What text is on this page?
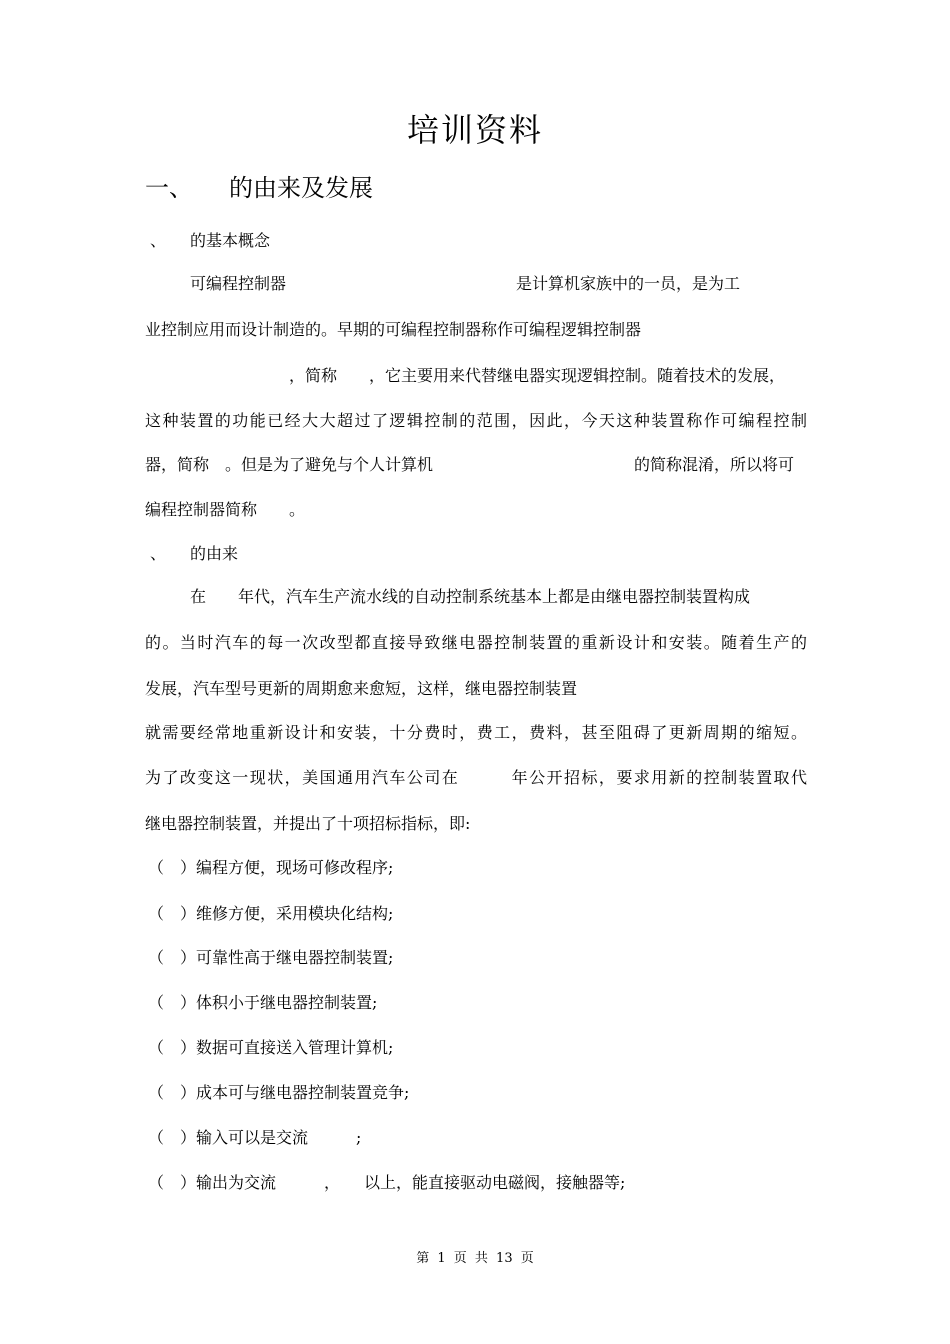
培训资料
一、　　的由来及发展
、　　的基本概念
可编程控制器	是计算机家族中的一员，是为工
业控制应用而设计制造的。早期的可编程控制器称作可编程逻辑控制器
，简称　　，它主要用来代替继电器实现逻辑控制。随着技术的发展，
这种装置的功能已经大大超过了逻辑控制的范围，因此，今天这种装置称作可编程控制
器，简称　。但是为了避免与个人计算机	的简称混淆，所以将可
编程控制器简称　　。
、　　的由来
在　　年代，汽车生产流水线的自动控制系统基本上都是由继电器控制装置构成
的。当时汽车的每一次改型都直接导致继电器控制装置的重新设计和安装。随着生产的
发展，汽车型号更新的周期愈来愈短，这样，继电器控制装置
就需要经常地重新设计和安装，十分费时，费工，费料，甚至阻碍了更新周期的缩短。
为了改变这一现状，美国通用汽车公司在　　　年公开招标，要求用新的控制装置取代
继电器控制装置，并提出了十项招标指标，即:
（　）编程方便，现场可修改程序;
（　）维修方便，采用模块化结构;
（　）可靠性高于继电器控制装置;
（　）体积小于继电器控制装置;
（　）数据可直接送入管理计算机;
（　）成本可与继电器控制装置竞争;
（　）输入可以是交流　　　;
（　）输出为交流　　　，　　以上，能直接驱动电磁阀，接触器等;
第 1 页 共 13 页
